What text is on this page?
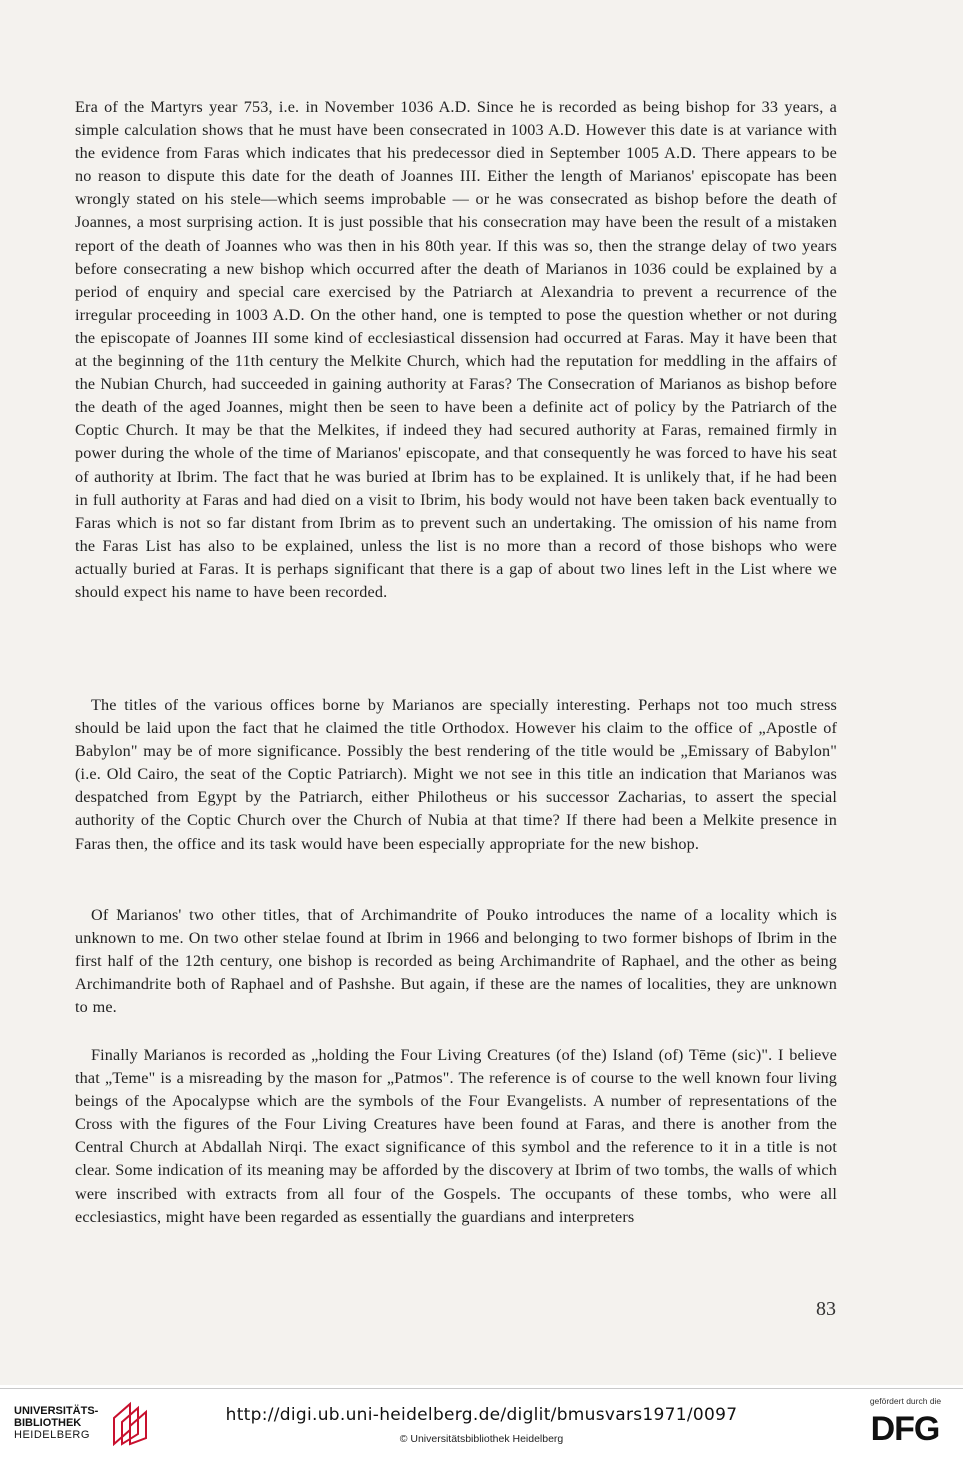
Era of the Martyrs year 753, i.e. in November 1036 A.D. Since he is recorded as being bishop for 33 years, a simple calculation shows that he must have been consecrated in 1003 A.D. However this date is at variance with the evidence from Faras which indicates that his predecessor died in September 1005 A.D. There appears to be no reason to dispute this date for the death of Joannes III. Either the length of Marianos' episcopate has been wrongly stated on his stele—which seems improbable — or he was consecrated as bishop before the death of Joannes, a most surprising action. It is just possible that his consecration may have been the result of a mistaken report of the death of Joannes who was then in his 80th year. If this was so, then the strange delay of two years before consecrating a new bishop which occurred after the death of Marianos in 1036 could be explained by a period of enquiry and special care exercised by the Patriarch at Alexandria to prevent a recurrence of the irregular proceeding in 1003 A.D. On the other hand, one is tempted to pose the question whether or not during the episcopate of Joannes III some kind of ecclesiastical dissension had occurred at Faras. May it have been that at the beginning of the 11th century the Melkite Church, which had the reputation for meddling in the affairs of the Nubian Church, had succeeded in gaining authority at Faras? The Consecration of Marianos as bishop before the death of the aged Joannes, might then be seen to have been a definite act of policy by the Patriarch of the Coptic Church. It may be that the Melkites, if indeed they had secured authority at Faras, remained firmly in power during the whole of the time of Marianos' episcopate, and that consequently he was forced to have his seat of authority at Ibrim. The fact that he was buried at Ibrim has to be explained. It is unlikely that, if he had been in full authority at Faras and had died on a visit to Ibrim, his body would not have been taken back eventually to Faras which is not so far distant from Ibrim as to prevent such an undertaking. The omission of his name from the Faras List has also to be explained, unless the list is no more than a record of those bishops who were actually buried at Faras. It is perhaps significant that there is a gap of about two lines left in the List where we should expect his name to have been recorded.

The titles of the various offices borne by Marianos are specially interesting. Perhaps not too much stress should be laid upon the fact that he claimed the title Orthodox. However his claim to the office of „Apostle of Babylon" may be of more significance. Possibly the best rendering of the title would be „Emissary of Babylon" (i.e. Old Cairo, the seat of the Coptic Patriarch). Might we not see in this title an indication that Marianos was despatched from Egypt by the Patriarch, either Philotheus or his successor Zacharias, to assert the special authority of the Coptic Church over the Church of Nubia at that time? If there had been a Melkite presence in Faras then, the office and its task would have been especially appropriate for the new bishop.

Of Marianos' two other titles, that of Archimandrite of Pouko introduces the name of a locality which is unknown to me. On two other stelae found at Ibrim in 1966 and belonging to two former bishops of Ibrim in the first half of the 12th century, one bishop is recorded as being Archimandrite of Raphael, and the other as being Archimandrite both of Raphael and of Pashshe. But again, if these are the names of localities, they are unknown to me.

Finally Marianos is recorded as „holding the Four Living Creatures (of the) Island (of) Tēme (sic)". I believe that „Teme" is a misreading by the mason for „Patmos". The reference is of course to the well known four living beings of the Apocalypse which are the symbols of the Four Evangelists. A number of representations of the Cross with the figures of the Four Living Creatures have been found at Faras, and there is another from the Central Church at Abdallah Nirqi. The exact significance of this symbol and the reference to it in a title is not clear. Some indication of its meaning may be afforded by the discovery at Ibrim of two tombs, the walls of which were inscribed with extracts from all four of the Gospels. The occupants of these tombs, who were all ecclesiastics, might have been regarded as essentially the guardians and interpreters

83
UNIVERSITÄTS-
BIBLIOTHEK
HEIDELBERG
http://digi.ub.uni-heidelberg.de/diglit/bmusvars1971/0097
© Universitätsbibliothek Heidelberg
gefördert durch die
DFG
